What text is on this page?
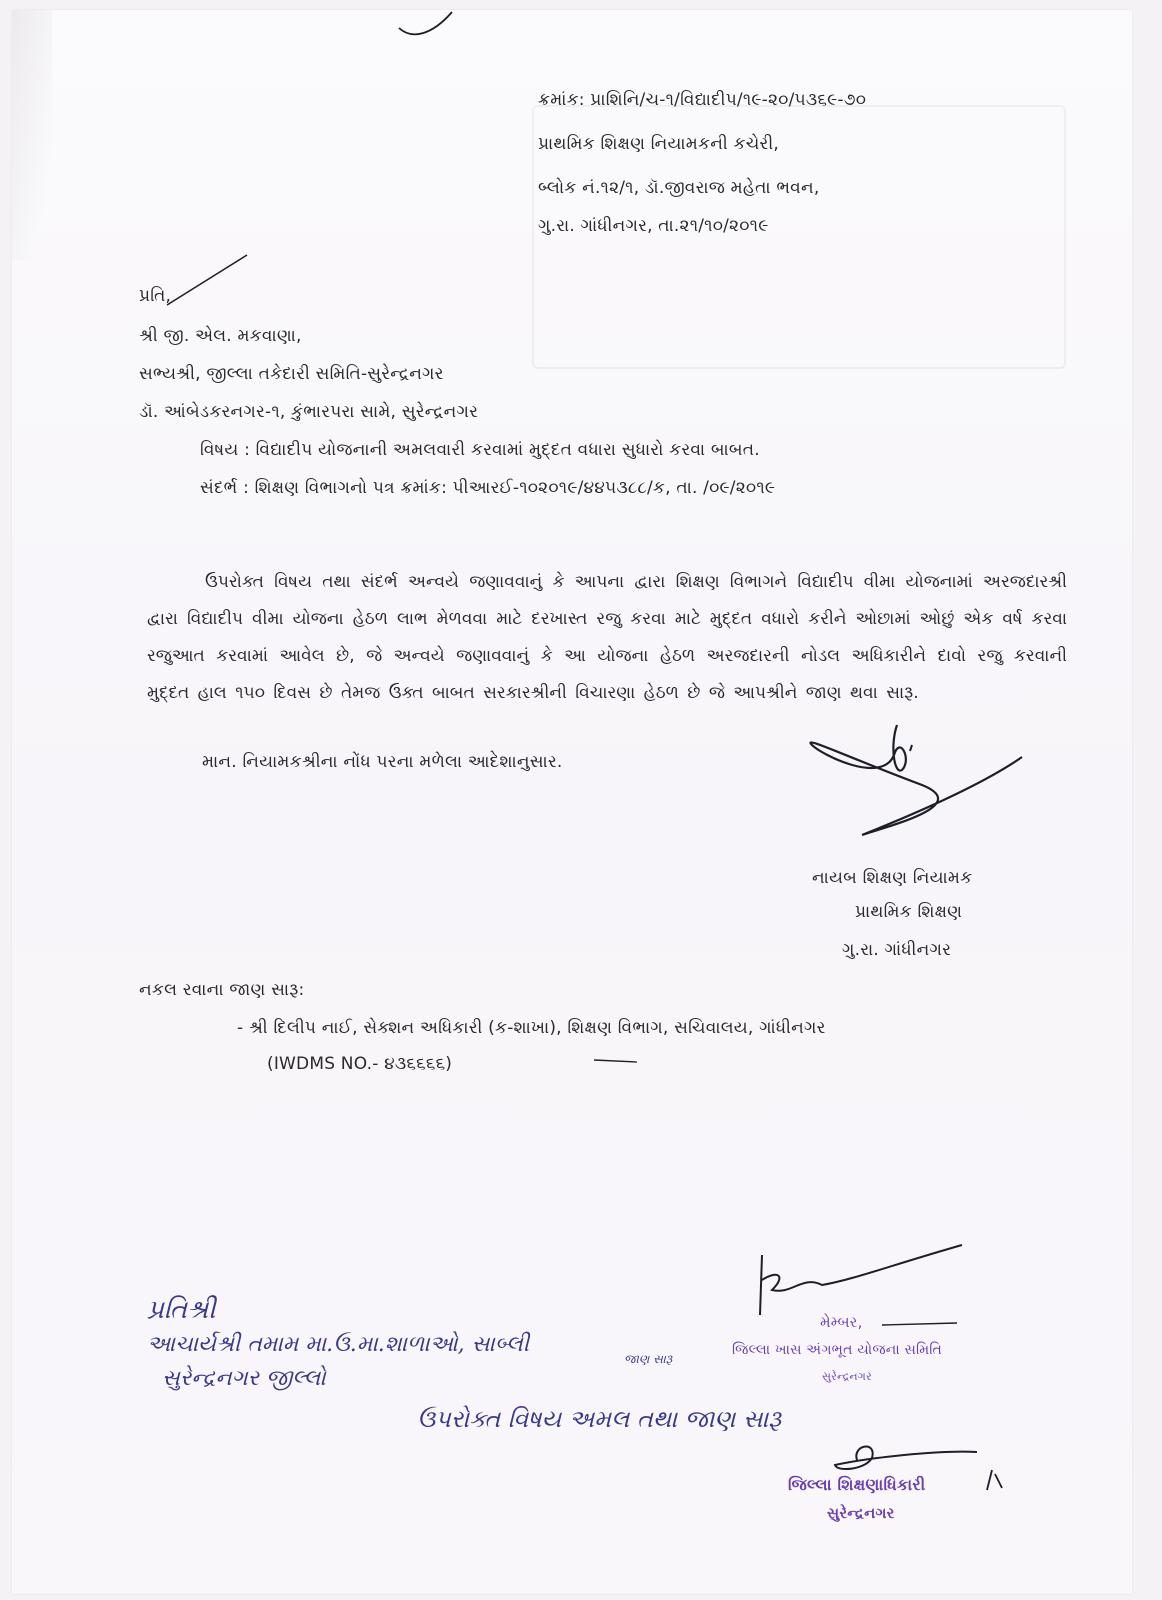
ક્રમાંક: પ્રાશિનિ/ચ-૧/વિદ્યાદીપ/૧૯-૨૦/૫૩૬૯-૭૦
પ્રાથમિક શિક્ષણ નિયામકની કચેરી,
બ્લોક નં.૧૨/૧, ડૉ.જીવરાજ મહેતા ભવન,
ગુ.રા. ગાંધીનગર, તા.૨૧/૧૦/૨૦૧૯
પ્રતિ,
શ્રી જી. એલ. મકવાણા,
સભ્યશ્રી, જીલ્લા તકેદારી સમિતિ-સુરેન્દ્રનગર
ડૉ. આંબેડકરનગર-૧, કુંભારપરા સામે, સુરેન્દ્રનગર
વિષય : વિદ્યાદીપ યોજનાની અમલવારી કરવામાં મુદ્દત વધારા સુધારો કરવા બાબત.
સંદર્ભ : શિક્ષણ વિભાગનો પત્ર ક્રમાંક: પીઆરઈ-૧૦૨૦૧૯/૪૪૫૩૮૮/ક, તા. /૦૯/૨૦૧૯
ઉપરોક્ત વિષય તથા સંદર્ભ અન્વયે જણાવવાનું કે આપના દ્વારા શિક્ષણ વિભાગને વિદ્યાદીપ વીમા યોજનામાં અરજદારશ્રી દ્વારા વિદ્યાદીપ વીમા યોજના હેઠળ લાભ મેળવવા માટે દરખાસ્ત રજુ કરવા માટે મુદ્દત વધારો કરીને ઓછામાં ઓછું એક વર્ષ કરવા રજુઆત કરવામાં આવેલ છે, જે અન્વયે જણાવવાનું કે આ યોજના હેઠળ અરજદારની નોડલ અધિકારીને દાવો રજુ કરવાની મુદ્દત હાલ ૧૫૦ દિવસ છે તેમજ ઉક્ત બાબત સરકારશ્રીની વિચારણા હેઠળ છે જે આપશ્રીને જાણ થવા સારૂ.
માન. નિયામકશ્રીના નોંધ પરના મળેલા આદેશાનુસાર.
નાયબ શિક્ષણ નિયામક
પ્રાથમિક શિક્ષણ
ગુ.રા. ગાંધીનગર
નકલ રવાના જાણ સારૂ:
- શ્રી દિલીપ નાઈ, સેક્શન અધિકારી (ક-શાખા), શિક્ષણ વિભાગ, સચિવાલય, ગાંધીનગર
(IWDMS NO.- ૪૩૬૬૬૬)
પ્રતિશ્રી
આચાર્યશ્રી તમામ મા.ઉ.મા.શાળાઓ, સાબ્લી
સુરેન્દ્રનગર જીલ્લો
જાણ સારૂ
ઉપરોક્ત વિષય અમલ તથા જાણ સારૂ
મેમ્બર,
જિલ્લા ખાસ અંગભૂત યોજના સમિતિ
સુરેન્દ્રનગર
જિલ્લા શિક્ષણાધિકારી
સુરેન્દ્રનગર
